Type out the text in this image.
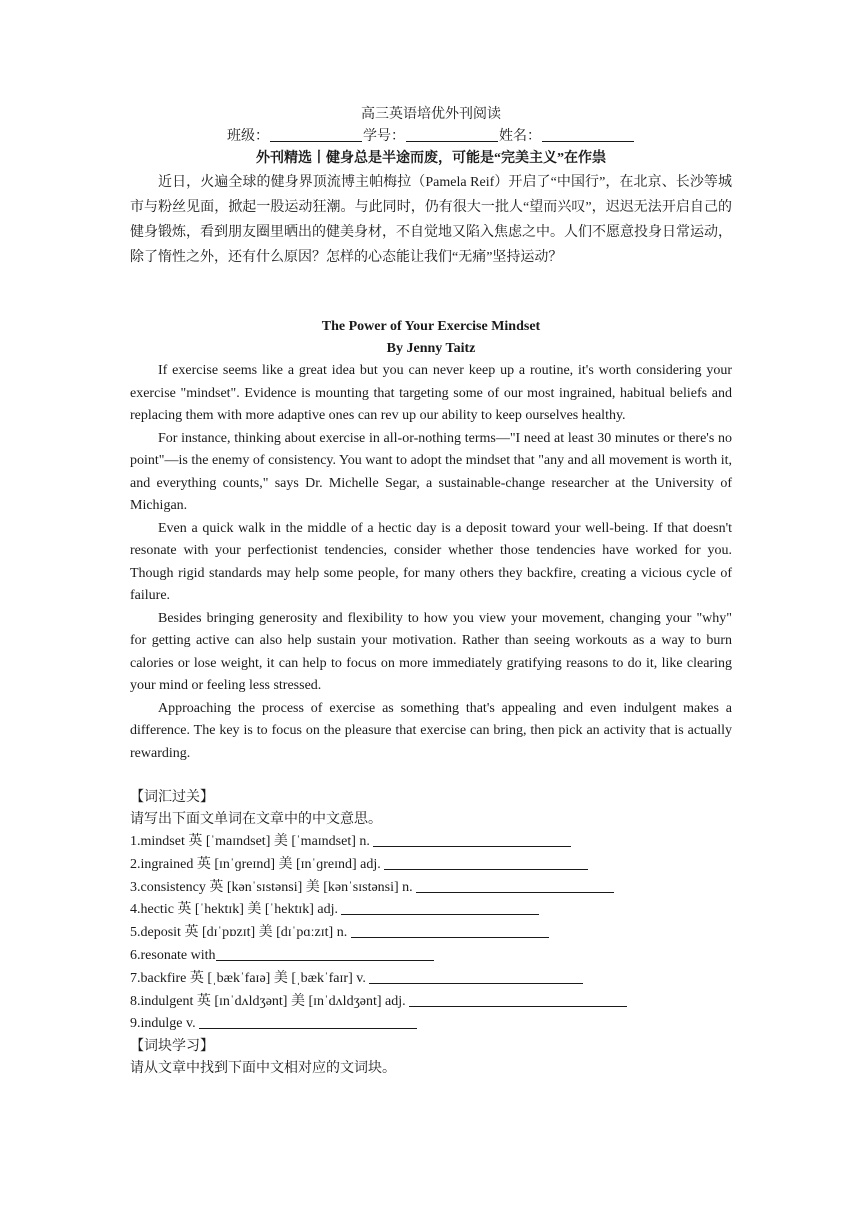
高三英语培优外刊阅读
班级：	学号：	姓名：
外刊精选丨健身总是半途而废，可能是“完美主义”在作祟

近日，火遍全球的健身界顶流博主帕梅拉（Pamela Reif）开启了“中国行”，在北京、长沙等城市与粉丝见面，掀起一股运动狂潮。与此同时，仍有很大一批人“望而兴叹”，迟迟无法开启自己的健身锻炼，看到朋友圈里晒出的健美身材，不自觉地又陷入焦虑之中。人们不愿意投身日常运动，除了惰性之外，还有什么原因？怎样的心态能让我们“无痛”坚持运动？

The Power of Your Exercise Mindset
By Jenny Taitz

If exercise seems like a great idea but you can never keep up a routine, it's worth considering your exercise "mindset". Evidence is mounting that targeting some of our most ingrained, habitual beliefs and replacing them with more adaptive ones can rev up our ability to keep ourselves healthy.

For instance, thinking about exercise in all-or-nothing terms—"I need at least 30 minutes or there's no point"—is the enemy of consistency. You want to adopt the mindset that "any and all movement is worth it, and everything counts," says Dr. Michelle Segar, a sustainable-change researcher at the University of Michigan.

Even a quick walk in the middle of a hectic day is a deposit toward your well-being. If that doesn't resonate with your perfectionist tendencies, consider whether those tendencies have worked for you. Though rigid standards may help some people, for many others they backfire, creating a vicious cycle of failure.

Besides bringing generosity and flexibility to how you view your movement, changing your "why" for getting active can also help sustain your motivation. Rather than seeing workouts as a way to burn calories or lose weight, it can help to focus on more immediately gratifying reasons to do it, like clearing your mind or feeling less stressed.

Approaching the process of exercise as something that's appealing and even indulgent makes a difference. The key is to focus on the pleasure that exercise can bring, then pick an activity that is actually rewarding.

【词汇过关】
请写出下面文单词在文章中的中文意思。
1.mindset 英 [ˈmaɪndset] 美 [ˈmaɪndset] n.
2.ingrained 英 [ɪnˈɡreɪnd] 美 [ɪnˈɡreɪnd] adj.
3.consistency 英 [kənˈsɪstənsi] 美 [kənˈsɪstənsi] n.
4.hectic 英 [ˈhektɪk] 美 [ˈhektɪk] adj.
5.deposit 英 [dɪˈpɒzɪt] 美 [dɪˈpɑːzɪt] n.
6.resonate with
7.backfire 英 [ˌbækˈfaɪə] 美 [ˌbækˈfaɪr] v.
8.indulgent 英 [ɪnˈdʌldʒənt] 美 [ɪnˈdʌldʒənt] adj.
9.indulge v.
【词块学习】
请从文章中找到下面中文相对应的文词块。
